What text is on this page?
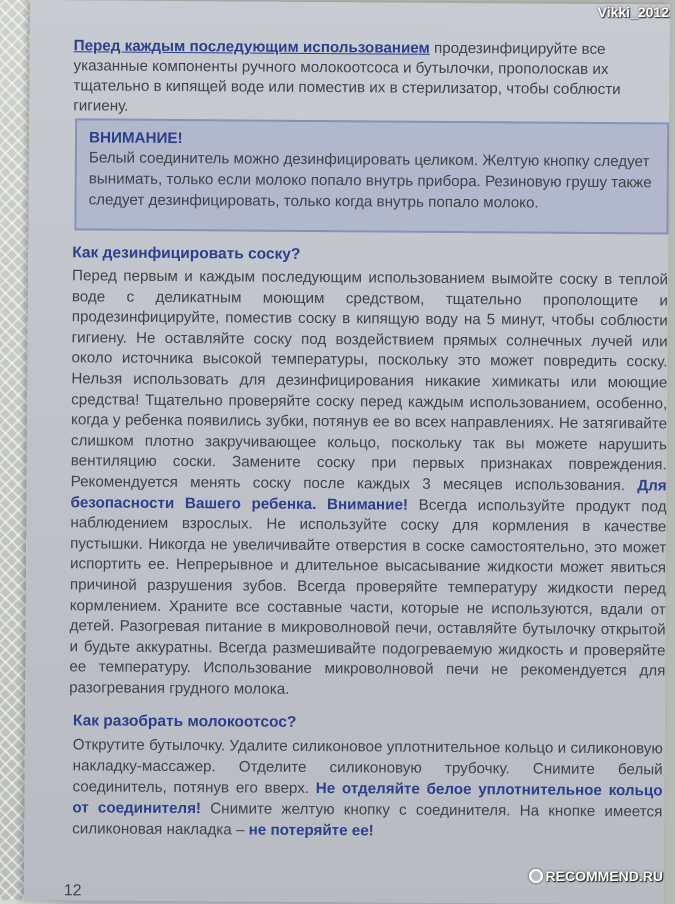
Перед каждым последующим использованием продезинфицируйте все указанные компоненты ручного молокоотсоса и бутылочки, прополоскав их тщательно в кипящей воде или поместив их в стерилизатор, чтобы соблюсти гигиену.
ВНИМАНИЕ!
Белый соединитель можно дезинфицировать целиком. Желтую кнопку следует вынимать, только если молоко попало внутрь прибора. Резиновую грушу также следует дезинфицировать, только когда внутрь попало молоко.
Как дезинфицировать соску?
Перед первым и каждым последующим использованием вымойте соску в теплой воде с деликатным моющим средством, тщательно прополощите и продезинфицируйте, поместив соску в кипящую воду на 5 минут, чтобы соблюсти гигиену. Не оставляйте соску под воздействием прямых солнечных лучей или около источника высокой температуры, поскольку это может повредить соску. Нельзя использовать для дезинфицирования никакие химикаты или моющие средства! Тщательно проверяйте соску перед каждым использованием, особенно, когда у ребенка появились зубки, потянув ее во всех направлениях. Не затягивайте слишком плотно закручивающее кольцо, поскольку так вы можете нарушить вентиляцию соски. Замените соску при первых признаках повреждения. Рекомендуется менять соску после каждых 3 месяцев использования. Для безопасности Вашего ребенка. Внимание! Всегда используйте продукт под наблюдением взрослых. Не используйте соску для кормления в качестве пустышки. Никогда не увеличивайте отверстия в соске самостоятельно, это может испортить ее. Непрерывное и длительное высасывание жидкости может явиться причиной разрушения зубов. Всегда проверяйте температуру жидкости перед кормлением. Храните все составные части, которые не используются, вдали от детей. Разогревая питание в микроволновой печи, оставляйте бутылочку открытой и будьте аккуратны. Всегда размешивайте подогреваемую жидкость и проверяйте ее температуру. Использование микроволновой печи не рекомендуется для разогревания грудного молока.
Как разобрать молокоотсос?
Открутите бутылочку. Удалите силиконовое уплотнительное кольцо и силиконовую накладку-массажер. Отделите силиконовую трубочку. Снимите белый соединитель, потянув его вверх. Не отделяйте белое уплотнительное кольцо от соединителя! Снимите желтую кнопку с соединителя. На кнопке имеется силиконовая накладка – не потеряйте ее!
12
Vikki_2012
RECOMMEND.RU
